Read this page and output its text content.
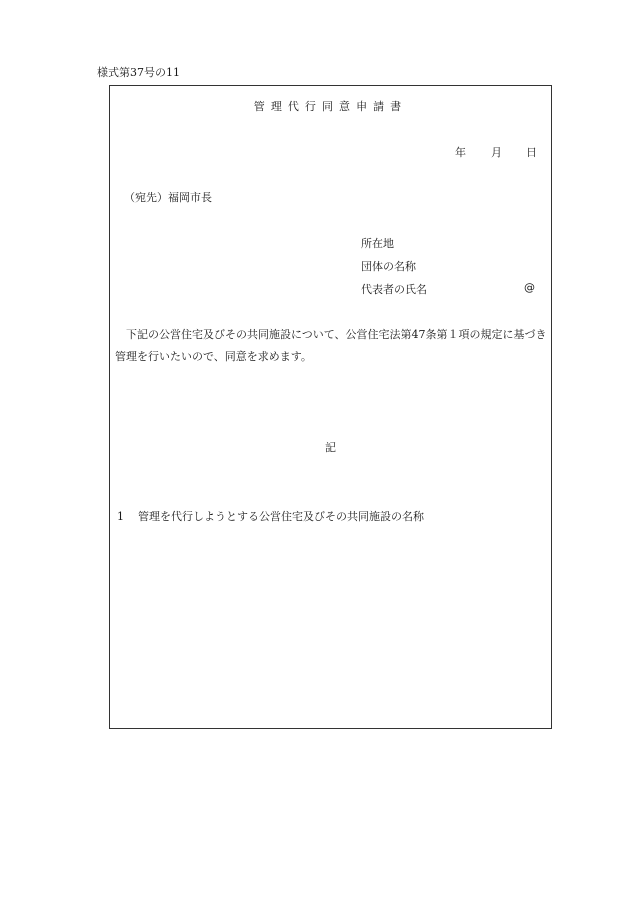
様式第37号の11
管理代行同意申請書
年 月 日
（宛先）福岡市長
所在地
団体の名称
代表者の氏名	@

下記の公営住宅及びその共同施設について、公営住宅法第47条第１項の規定に基づき管理を行いたいので、同意を求めます。

記
1 管理を代行しようとする公営住宅及びその共同施設の名称
